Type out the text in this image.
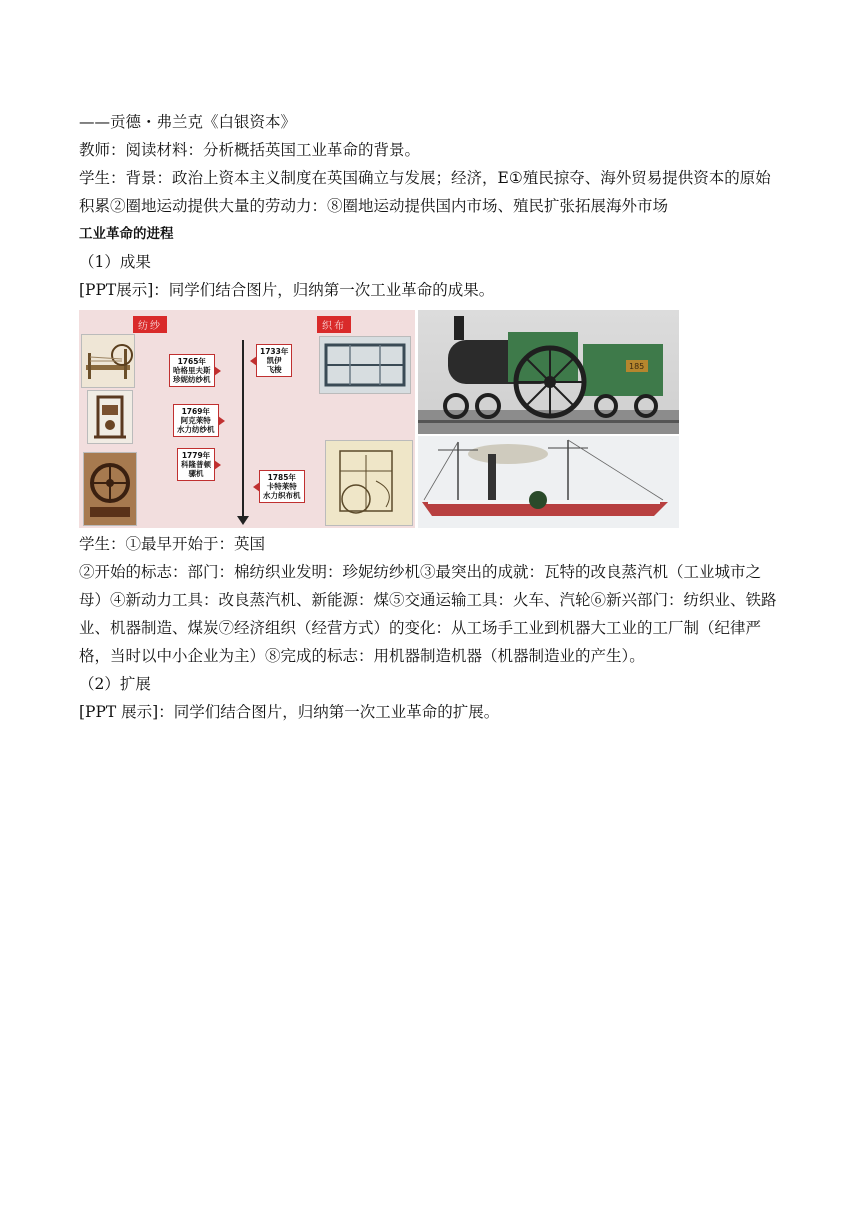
——贡德・弗兰克《白银资本》

教师：阅读材料：分析概括英国工业革命的背景。

学生：背景：政治上资本主义制度在英国确立与发展；经济，E①殖民掠夺、海外贸易提供资本的原始积累②圈地运动提供大量的劳动力：⑧圈地运动提供国内市场、殖民扩张拓展海外市场

工业革命的进程

（1）成果

[PPT展示]：同学们结合图片，归纳第一次工业革命的成果。

纺纱	织布
1765年
哈格里夫斯
珍妮纺纱机
1769年
阿克莱特
水力纺纱机
1779年
科隆普顿
骡机
1733年
凯伊
飞梭
1785年
卡特莱特
水力织布机
185

学生：①最早开始于：英国

②开始的标志：部门：棉纺织业发明：珍妮纺纱机③最突出的成就：瓦特的改良蒸汽机（工业城市之母）④新动力工具：改良蒸汽机、新能源：煤⑤交通运输工具：火车、汽轮⑥新兴部门：纺织业、铁路业、机器制造、煤炭⑦经济组织（经营方式）的变化：从工场手工业到机器大工业的工厂制（纪律严格，当时以中小企业为主）⑧完成的标志：用机器制造机器（机器制造业的产生）。

（2）扩展

[PPT 展示]：同学们结合图片，归纳第一次工业革命的扩展。
